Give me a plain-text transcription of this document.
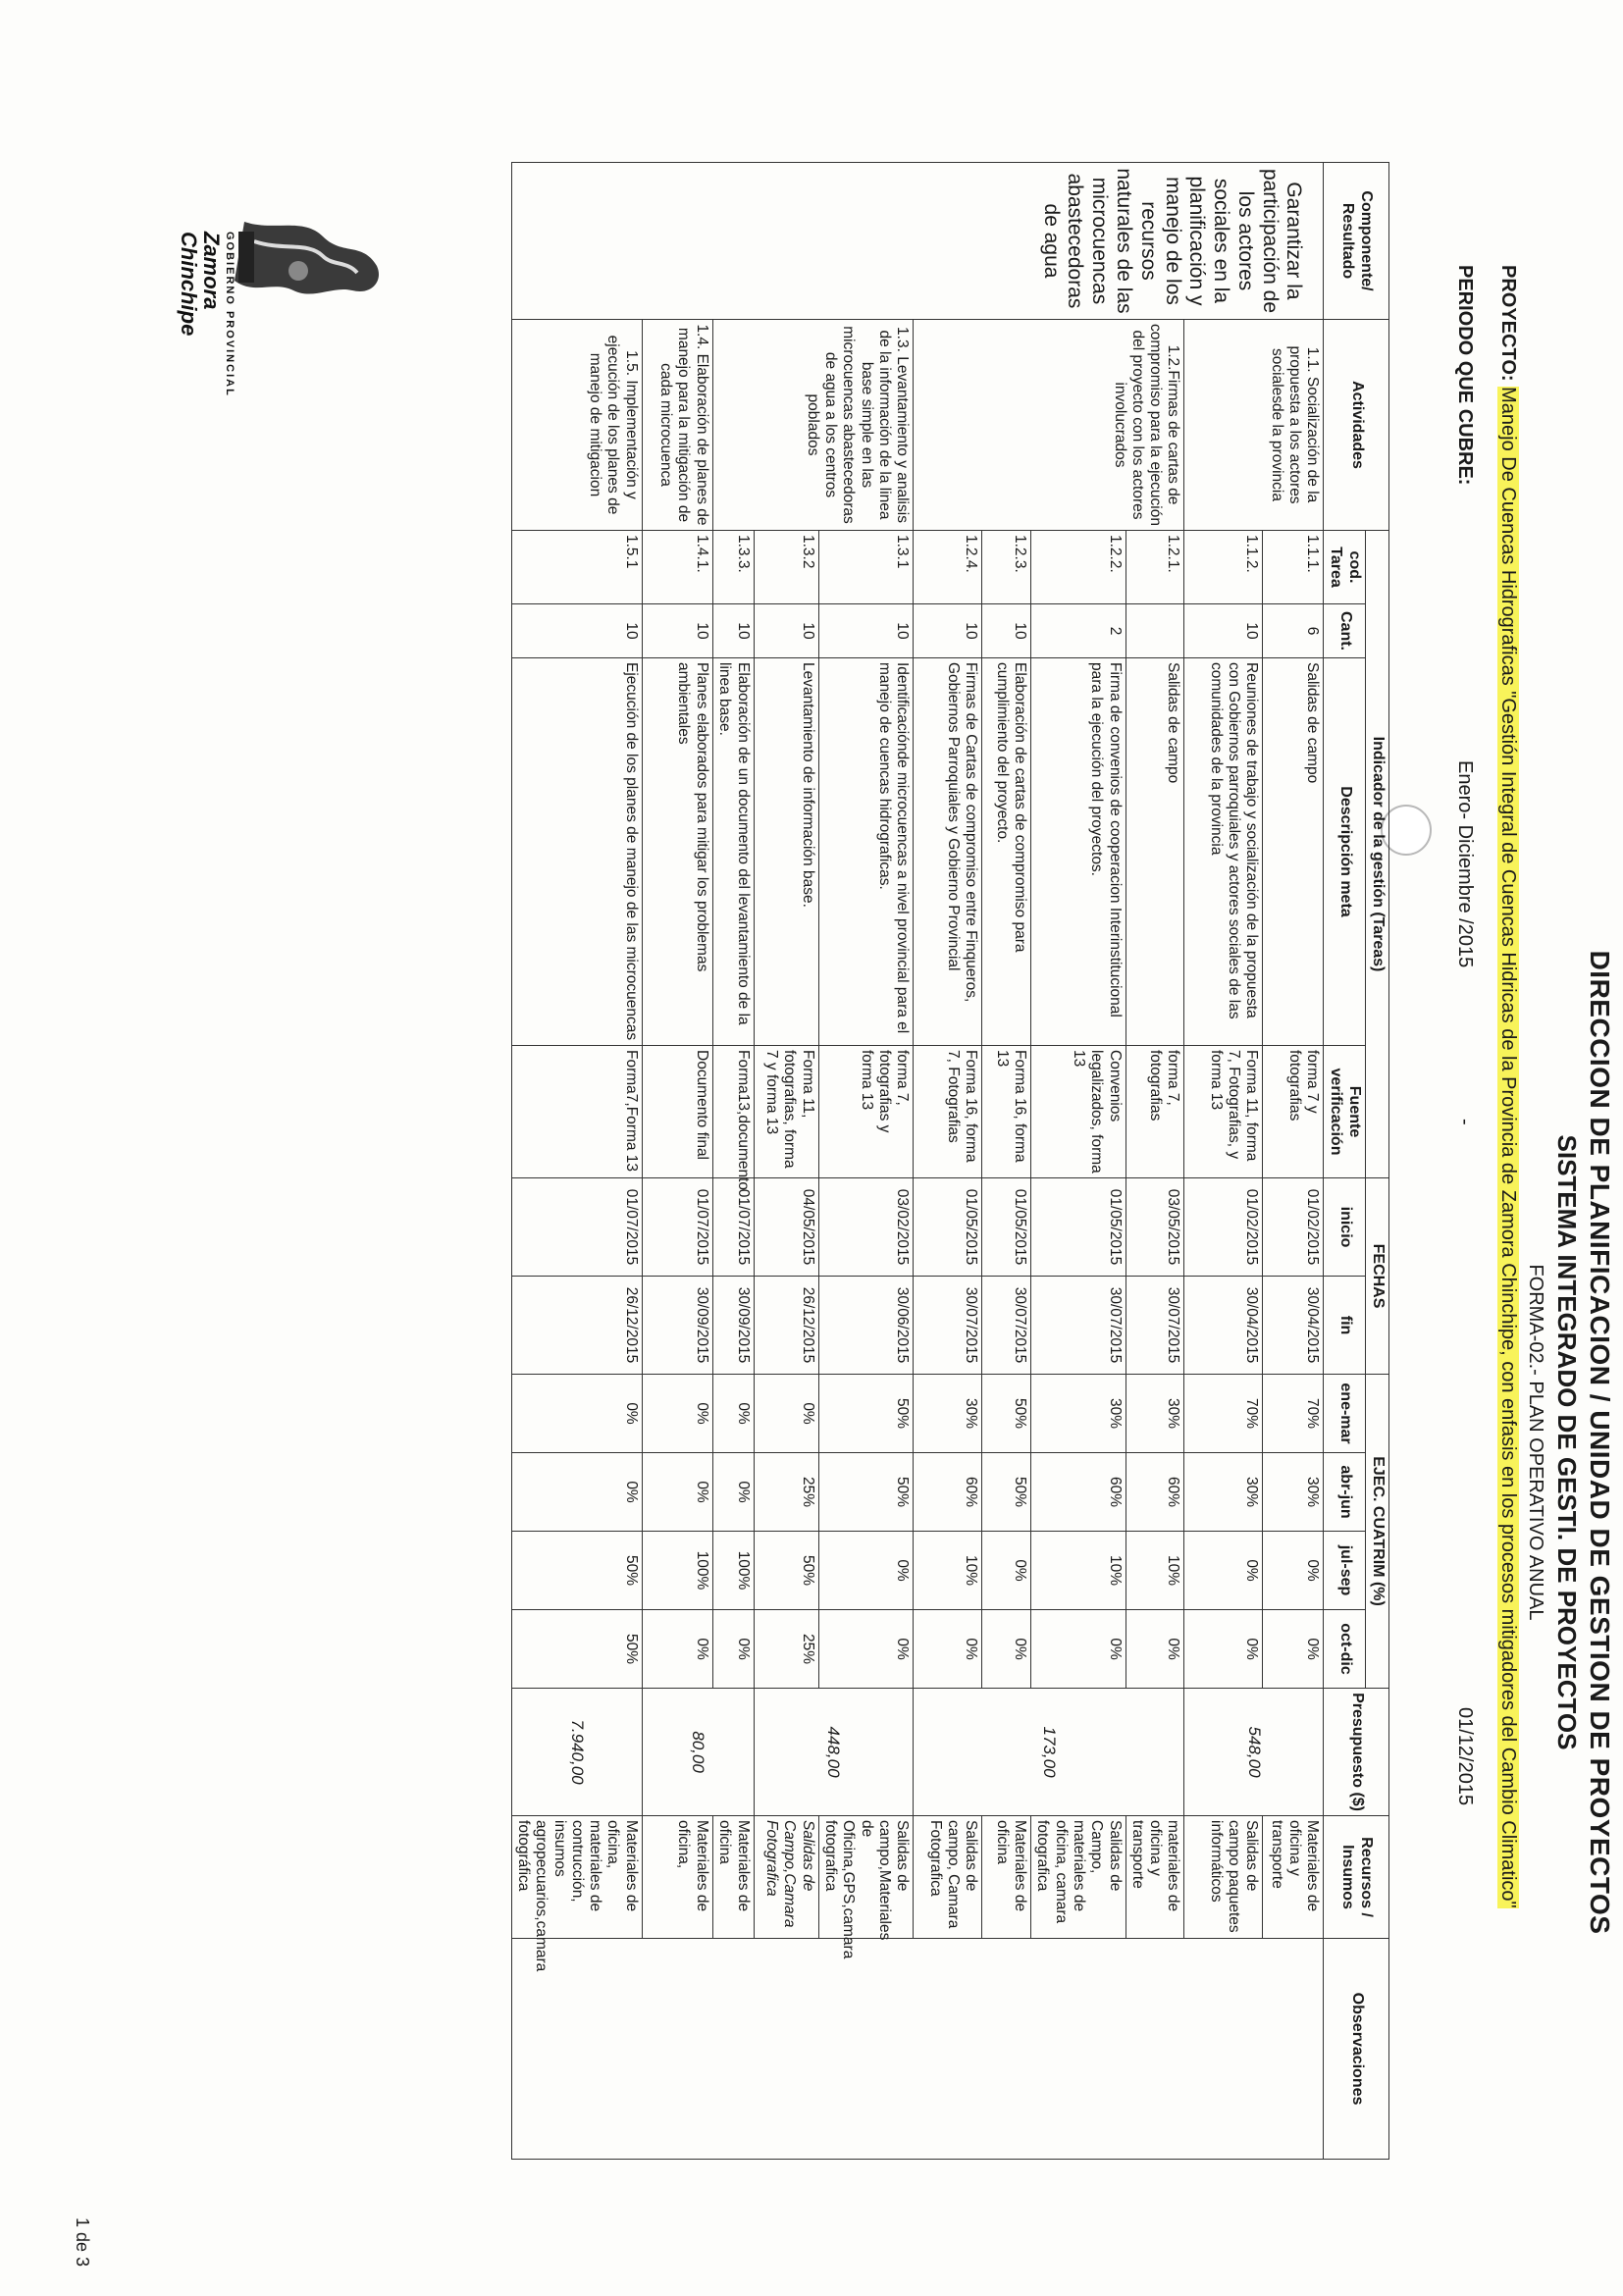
GOBIERNO PROVINCIAL
Zamora Chinchipe
DIRECCION DE PLANIFICACION / UNIDAD DE GESTION DE PROYECTOS
SISTEMA INTEGRADO DE GESTI. DE PROYECTOS
FORMA-02.- PLAN OPERATIVO ANUAL
PROYECTO: Manejo De Cuencas Hidrograficas "Gestión Integral de Cuencas Hidricas de la Provincia de Zamora Chinchipe, con enfasis en los procesos mitigadores del Cambio Climatico"
PERIODO QUE CUBRE:
Enero- Diciembre /2015
-
01/12/2015
Componente/ Resultado	Actividades	Indicador de la gestión (Tareas)				FECHAS		EJEC. CUATRIM (%)				Presupuesto ($)	Recursos / Insumos	Observaciones
		cod. Tarea	Cant.	Descripción meta	Fuente verificación	inicio	fin	ene-mar	abr-jun	jul-sep	oct-dic			
Garantizar la participación de los actores sociales en la planificación y manejo de los recursos naturales de las microcuencas abastecedoras de agua	1.1. Socialización de la propuesta a los actores socialesde la provincia	1.1.1.	6	Salidas de campo	forma 7 y fotografias	01/02/2015	30/04/2015	70%	30%	0%	0%	548,00	Materiales de oficina y transporte	
		1.1.2.	10	Reuniones de trabajo y socialización de la propuesta con Gobiernos parroquiales y actores sociales de las comunidades de la provincia	Forma 11, forma 7, Fotografias, y forma 13	01/02/2015	30/04/2015	70%	30%	0%	0%		Salidas de campo paquetes informáticos	
	1.2.Firmas de cartas de compromiso para la ejecución del proyecto con los actores involucrados	1.2.1.		Salidas de campo	forma 7, fotografias	03/05/2015	30/07/2015	30%	60%	10%	0%	173,00	materiales de oficina y transporte	
		1.2.2.	2	Firma de convenios de cooperacion Interinstitucional para la ejecución del proyectos.	Convenios legalizados, forma 13	01/05/2015	30/07/2015	30%	60%	10%	0%		Salidas de Campo, materiales de oficina, camara fotografica	
		1.2.3.	10	Elaboración de cartas de compromiso para cumplimiento del proyecto.	Forma 16, forma 13	01/05/2015	30/07/2015	50%	50%	0%	0%		Materiales de oficina	
		1.2.4.	10	Firmas de Cartas de compromiso entre Finqueros, Gobiernos Parroquiales y Gobierno Provincial	Forma 16, forma 7, Fotografias	01/05/2015	30/07/2015	30%	60%	10%	0%		Salidas de campo, Camara Fotografica	
	1.3. Levantamiento y analisis de la información de la linea base simple en las microcuencas abastecedoras de agua a los centros poblados	1.3.1	10	Identificaciónde microcuencas a nivel provincial para el manejo de cuencas hidrograficas.	forma 7, fotografias y forma 13	03/02/2015	30/06/2015	50%	50%	0%	0%	448,00	Salidas de campo,Materiales de Oficina,GPS,camara fotografica	
		1.3.2	10	Levantamiento de información base.	Forma 11, fotografias, forma 7 y forma 13	04/05/2015	26/12/2015	0%	25%	50%	25%		Salidas de Campo,Camara Fotografica	
		1.3.3.	10	Elaboración de un documento del levantamiento de la linea base.	Forma13,documento	01/07/2015	30/09/2015	0%	0%	100%	0%	80,00	Materiales de oficina	
	1.4. Elaboración de planes de manejo para la mitigación de cada microcuenca	1.4.1.	10	Planes elaborados para mitigar los problemas ambientales	Documento final	01/07/2015	30/09/2015	0%	0%	100%	0%		Materiales de oficina,	
	1.5. Implementación y ejecución de los planes de manejo de mitigacion	1.5.1	10	Ejecución de los planes de manejo de las microcuencas	Forma7,Forma 13	01/07/2015	26/12/2015	0%	0%	50%	50%	7.940,00	Materiales de oficina, materiales de contrucción, insumos agropecuarios,camara fotográfica	
1 de 3
